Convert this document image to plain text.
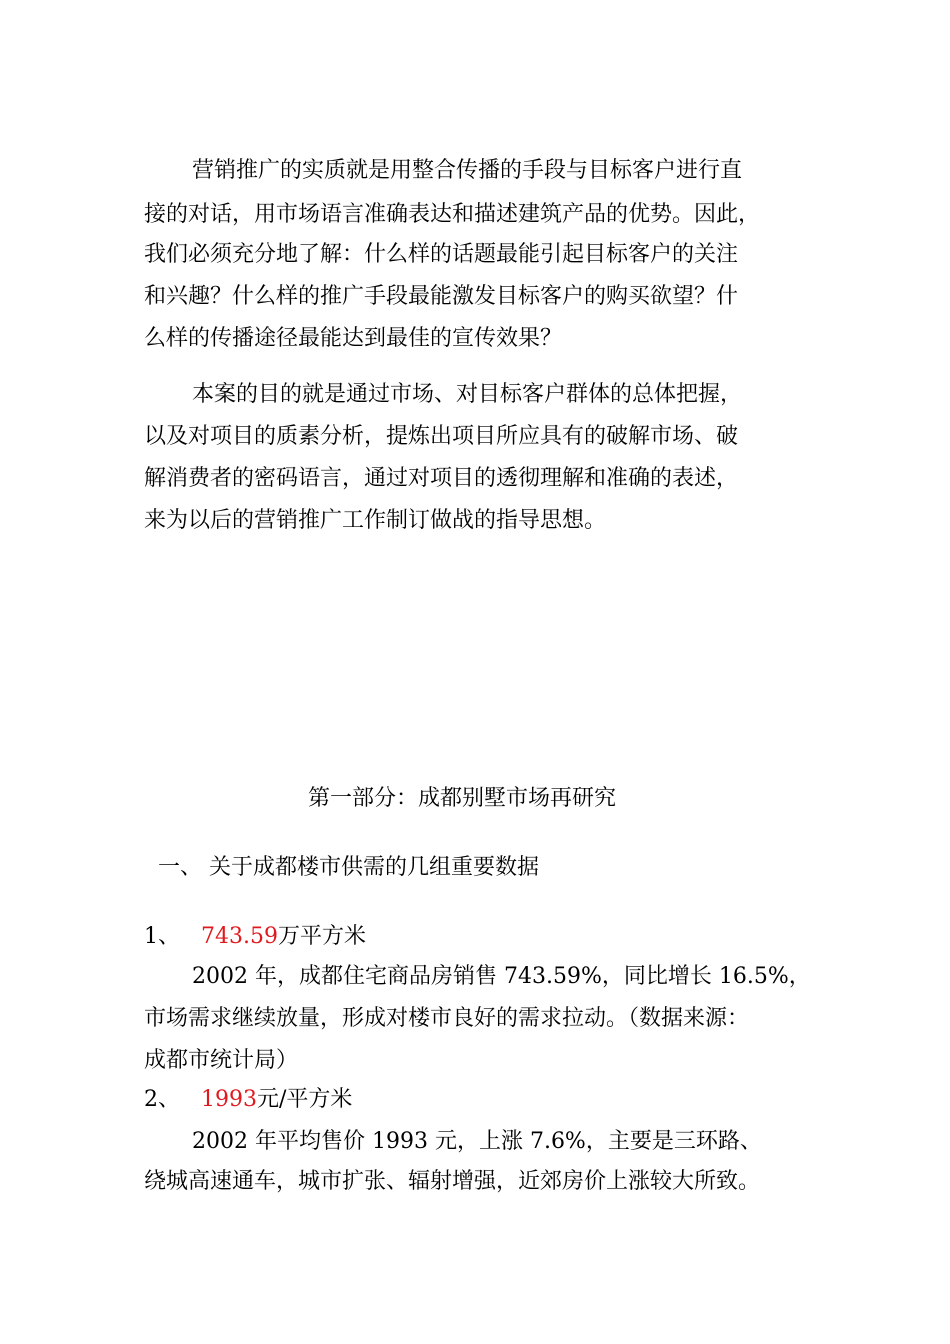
营销推广的实质就是用整合传播的手段与目标客户进行直
接的对话，用市场语言准确表达和描述建筑产品的优势。因此，
我们必须充分地了解：什么样的话题最能引起目标客户的关注
和兴趣？什么样的推广手段最能激发目标客户的购买欲望？什
么样的传播途径最能达到最佳的宣传效果？
本案的目的就是通过市场、对目标客户群体的总体把握，
以及对项目的质素分析，提炼出项目所应具有的破解市场、破
解消费者的密码语言，通过对项目的透彻理解和准确的表述，
来为以后的营销推广工作制订做战的指导思想。
第一部分：成都别墅市场再研究
一、 关于成都楼市供需的几组重要数据
1、 743.59万平方米
2002 年，成都住宅商品房销售 743.59%，同比增长 16.5%，
市场需求继续放量，形成对楼市良好的需求拉动。（数据来源：
成都市统计局）
2、 1993元/平方米
2002 年平均售价 1993 元，上涨 7.6%，主要是三环路、
绕城高速通车，城市扩张、辐射增强，近郊房价上涨较大所致。
